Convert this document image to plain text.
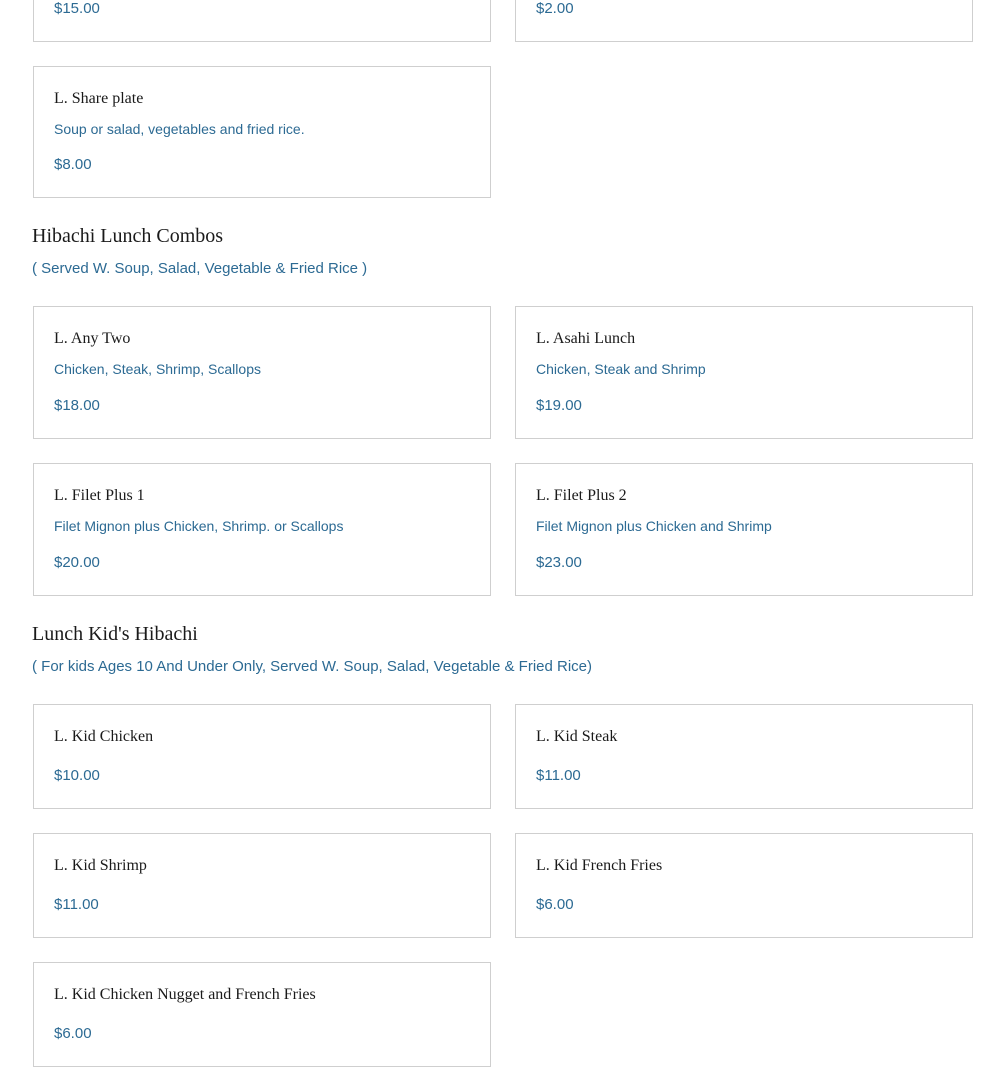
$15.00	$2.00
L. Share plate
Soup or salad, vegetables and fried rice.
$8.00
Hibachi Lunch Combos
( Served W. Soup, Salad, Vegetable & Fried Rice )
L. Any Two
Chicken, Steak, Shrimp, Scallops
$18.00
L. Asahi Lunch
Chicken, Steak and Shrimp
$19.00
L. Filet Plus 1
Filet Mignon plus Chicken, Shrimp. or Scallops
$20.00
L. Filet Plus 2
Filet Mignon plus Chicken and Shrimp
$23.00
Lunch Kid's Hibachi
( For kids Ages 10 And Under Only, Served W. Soup, Salad, Vegetable & Fried Rice)
L. Kid Chicken
$10.00
L. Kid Steak
$11.00
L. Kid Shrimp
$11.00
L. Kid French Fries
$6.00
L. Kid Chicken Nugget and French Fries
$6.00
